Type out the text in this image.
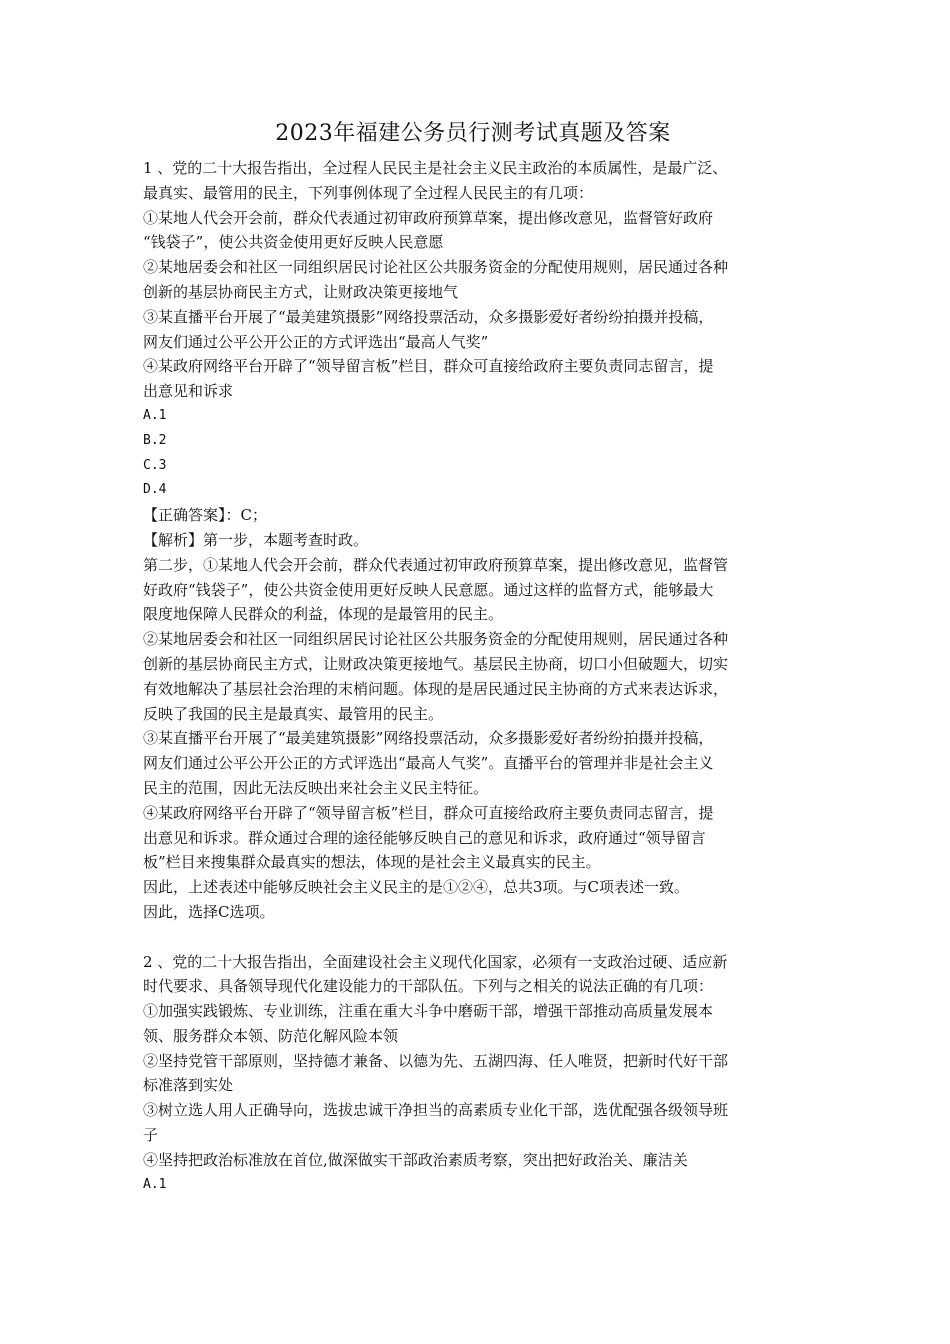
2023年福建公务员行测考试真题及答案
1 、党的二十大报告指出，全过程人民民主是社会主义民主政治的本质属性，是最广泛、
最真实、最管用的民主，下列事例体现了全过程人民民主的有几项：
①某地人代会开会前，群众代表通过初审政府预算草案，提出修改意见，监督管好政府
“钱袋子”，使公共资金使用更好反映人民意愿
②某地居委会和社区一同组织居民讨论社区公共服务资金的分配使用规则，居民通过各种
创新的基层协商民主方式，让财政决策更接地气
③某直播平台开展了“最美建筑摄影”网络投票活动，众多摄影爱好者纷纷拍摄并投稿，
网友们通过公平公开公正的方式评选出“最高人气奖”
④某政府网络平台开辟了“领导留言板”栏目，群众可直接给政府主要负责同志留言，提
出意见和诉求
A.1
B.2
C.3
D.4
【正确答案】：C；
【解析】第一步，本题考查时政。
第二步，①某地人代会开会前，群众代表通过初审政府预算草案，提出修改意见，监督管
好政府“钱袋子”，使公共资金使用更好反映人民意愿。通过这样的监督方式，能够最大
限度地保障人民群众的利益，体现的是最管用的民主。
②某地居委会和社区一同组织居民讨论社区公共服务资金的分配使用规则，居民通过各种
创新的基层协商民主方式，让财政决策更接地气。基层民主协商，切口小但破题大，切实
有效地解决了基层社会治理的末梢问题。体现的是居民通过民主协商的方式来表达诉求，
反映了我国的民主是最真实、最管用的民主。
③某直播平台开展了“最美建筑摄影”网络投票活动，众多摄影爱好者纷纷拍摄并投稿，
网友们通过公平公开公正的方式评选出“最高人气奖”。直播平台的管理并非是社会主义
民主的范围，因此无法反映出来社会主义民主特征。
④某政府网络平台开辟了“领导留言板”栏目，群众可直接给政府主要负责同志留言，提
出意见和诉求。群众通过合理的途径能够反映自己的意见和诉求，政府通过“领导留言
板”栏目来搜集群众最真实的想法，体现的是社会主义最真实的民主。
因此，上述表述中能够反映社会主义民主的是①②④，总共3项。与C项表述一致。
因此，选择C选项。
2 、党的二十大报告指出，全面建设社会主义现代化国家，必须有一支政治过硬、适应新
时代要求、具备领导现代化建设能力的干部队伍。下列与之相关的说法正确的有几项：
①加强实践锻炼、专业训练，注重在重大斗争中磨砺干部，增强干部推动高质量发展本
领、服务群众本领、防范化解风险本领
②坚持党管干部原则，坚持德才兼备、以德为先、五湖四海、任人唯贤，把新时代好干部
标准落到实处
③树立选人用人正确导向，选拔忠诚干净担当的高素质专业化干部，选优配强各级领导班
子
④坚持把政治标准放在首位,做深做实干部政治素质考察，突出把好政治关、廉洁关
A.1
